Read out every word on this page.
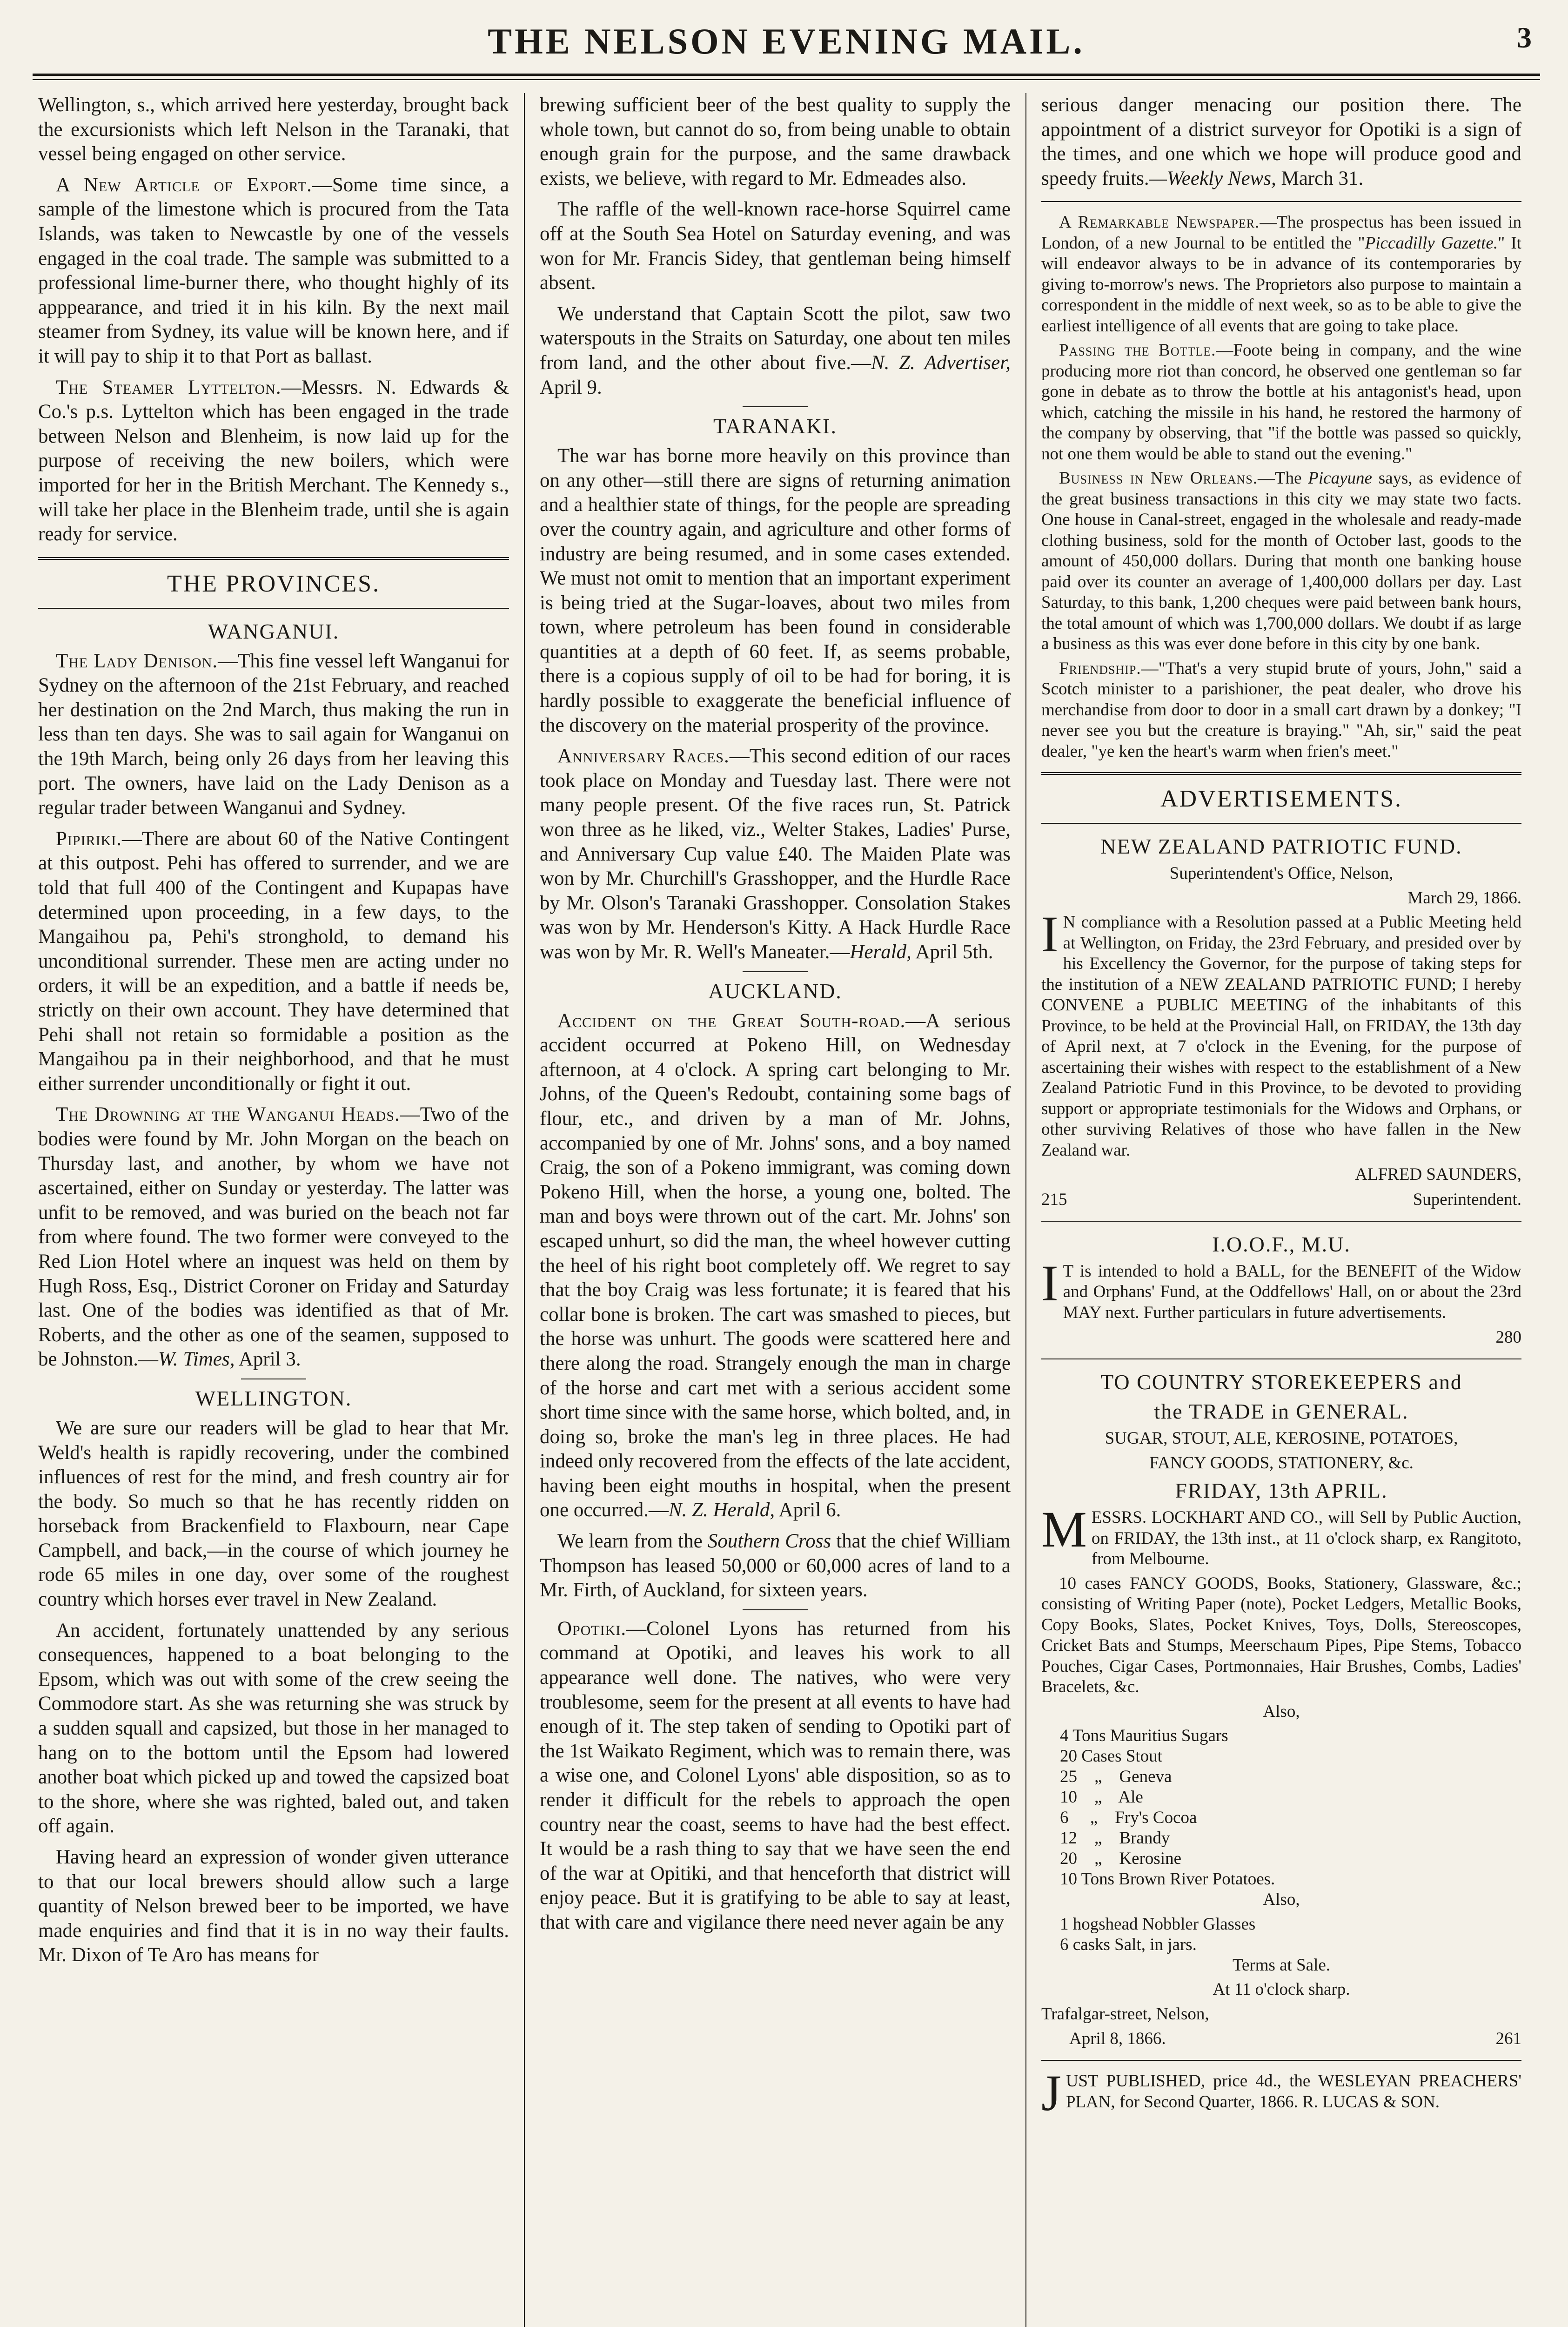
THE NELSON EVENING MAIL.	3

Wellington, s., which arrived here yesterday, brought back the excursionists which left Nelson in the Taranaki, that vessel being engaged on other service.

A New Article of Export.—Some time since, a sample of the limestone which is procured from the Tata Islands, was taken to Newcastle by one of the vessels engaged in the coal trade. The sample was submitted to a professional lime-burner there, who thought highly of its apppearance, and tried it in his kiln. By the next mail steamer from Sydney, its value will be known here, and if it will pay to ship it to that Port as ballast.

The Steamer Lyttelton.—Messrs. N. Edwards & Co.'s p.s. Lyttelton which has been engaged in the trade between Nelson and Blenheim, is now laid up for the purpose of receiving the new boilers, which were imported for her in the British Merchant. The Kennedy s., will take her place in the Blenheim trade, until she is again ready for service.

THE PROVINCES.
WANGANUI.

The Lady Denison.—This fine vessel left Wanganui for Sydney on the afternoon of the 21st February, and reached her destination on the 2nd March, thus making the run in less than ten days. She was to sail again for Wanganui on the 19th March, being only 26 days from her leaving this port. The owners, have laid on the Lady Denison as a regular trader between Wanganui and Sydney.

Pipiriki.—There are about 60 of the Native Contingent at this outpost. Pehi has offered to surrender, and we are told that full 400 of the Contingent and Kupapas have determined upon proceeding, in a few days, to the Mangaihou pa, Pehi's stronghold, to demand his unconditional surrender. These men are acting under no orders, it will be an expedition, and a battle if needs be, strictly on their own account. They have determined that Pehi shall not retain so formidable a position as the Mangaihou pa in their neighborhood, and that he must either surrender unconditionally or fight it out.

The Drowning at the Wanganui Heads.—Two of the bodies were found by Mr. John Morgan on the beach on Thursday last, and another, by whom we have not ascertained, either on Sunday or yesterday. The latter was unfit to be removed, and was buried on the beach not far from where found. The two former were conveyed to the Red Lion Hotel where an inquest was held on them by Hugh Ross, Esq., District Coroner on Friday and Saturday last. One of the bodies was identified as that of Mr. Roberts, and the other as one of the seamen, supposed to be Johnston.—W. Times, April 3.

WELLINGTON.

We are sure our readers will be glad to hear that Mr. Weld's health is rapidly recovering, under the combined influences of rest for the mind, and fresh country air for the body. So much so that he has recently ridden on horseback from Brackenfield to Flaxbourn, near Cape Campbell, and back,—in the course of which journey he rode 65 miles in one day, over some of the roughest country which horses ever travel in New Zealand.

An accident, fortunately unattended by any serious consequences, happened to a boat belonging to the Epsom, which was out with some of the crew seeing the Commodore start. As she was returning she was struck by a sudden squall and capsized, but those in her managed to hang on to the bottom until the Epsom had lowered another boat which picked up and towed the capsized boat to the shore, where she was righted, baled out, and taken off again.

Having heard an expression of wonder given utterance to that our local brewers should allow such a large quantity of Nelson brewed beer to be imported, we have made enquiries and find that it is in no way their faults. Mr. Dixon of Te Aro has means for

brewing sufficient beer of the best quality to supply the whole town, but cannot do so, from being unable to obtain enough grain for the purpose, and the same drawback exists, we believe, with regard to Mr. Edmeades also.

The raffle of the well-known race-horse Squirrel came off at the South Sea Hotel on Saturday evening, and was won for Mr. Francis Sidey, that gentleman being himself absent.

We understand that Captain Scott the pilot, saw two waterspouts in the Straits on Saturday, one about ten miles from land, and the other about five.—N. Z. Advertiser, April 9.

TARANAKI.

The war has borne more heavily on this province than on any other—still there are signs of returning animation and a healthier state of things, for the people are spreading over the country again, and agriculture and other forms of industry are being resumed, and in some cases extended. We must not omit to mention that an important experiment is being tried at the Sugar-loaves, about two miles from town, where petroleum has been found in considerable quantities at a depth of 60 feet. If, as seems probable, there is a copious supply of oil to be had for boring, it is hardly possible to exaggerate the beneficial influence of the discovery on the material prosperity of the province.

Anniversary Races.—This second edition of our races took place on Monday and Tuesday last. There were not many people present. Of the five races run, St. Patrick won three as he liked, viz., Welter Stakes, Ladies' Purse, and Anniversary Cup value £40. The Maiden Plate was won by Mr. Churchill's Grasshopper, and the Hurdle Race by Mr. Olson's Taranaki Grasshopper. Consolation Stakes was won by Mr. Henderson's Kitty. A Hack Hurdle Race was won by Mr. R. Well's Maneater.—Herald, April 5th.

AUCKLAND.

Accident on the Great South-road.—A serious accident occurred at Pokeno Hill, on Wednesday afternoon, at 4 o'clock. A spring cart belonging to Mr. Johns, of the Queen's Redoubt, containing some bags of flour, etc., and driven by a man of Mr. Johns, accompanied by one of Mr. Johns' sons, and a boy named Craig, the son of a Pokeno immigrant, was coming down Pokeno Hill, when the horse, a young one, bolted. The man and boys were thrown out of the cart. Mr. Johns' son escaped unhurt, so did the man, the wheel however cutting the heel of his right boot completely off. We regret to say that the boy Craig was less fortunate; it is feared that his collar bone is broken. The cart was smashed to pieces, but the horse was unhurt. The goods were scattered here and there along the road. Strangely enough the man in charge of the horse and cart met with a serious accident some short time since with the same horse, which bolted, and, in doing so, broke the man's leg in three places. He had indeed only recovered from the effects of the late accident, having been eight mouths in hospital, when the present one occurred.—N. Z. Herald, April 6.

We learn from the Southern Cross that the chief William Thompson has leased 50,000 or 60,000 acres of land to a Mr. Firth, of Auckland, for sixteen years.

Opotiki.—Colonel Lyons has returned from his command at Opotiki, and leaves his work to all appearance well done. The natives, who were very troublesome, seem for the present at all events to have had enough of it. The step taken of sending to Opotiki part of the 1st Waikato Regiment, which was to remain there, was a wise one, and Colonel Lyons' able disposition, so as to render it difficult for the rebels to approach the open country near the coast, seems to have had the best effect. It would be a rash thing to say that we have seen the end of the war at Opitiki, and that henceforth that district will enjoy peace. But it is gratifying to be able to say at least, that with care and vigilance there need never again be any

serious danger menacing our position there. The appointment of a district surveyor for Opotiki is a sign of the times, and one which we hope will produce good and speedy fruits.—Weekly News, March 31.

A Remarkable Newspaper.—The prospectus has been issued in London, of a new Journal to be entitled the "Piccadilly Gazette." It will endeavor always to be in advance of its contemporaries by giving to-morrow's news. The Proprietors also purpose to maintain a correspondent in the middle of next week, so as to be able to give the earliest intelligence of all events that are going to take place.

Passing the Bottle.—Foote being in company, and the wine producing more riot than concord, he observed one gentleman so far gone in debate as to throw the bottle at his antagonist's head, upon which, catching the missile in his hand, he restored the harmony of the company by observing, that "if the bottle was passed so quickly, not one them would be able to stand out the evening."

Business in New Orleans.—The Picayune says, as evidence of the great business transactions in this city we may state two facts. One house in Canal-street, engaged in the wholesale and ready-made clothing business, sold for the month of October last, goods to the amount of 450,000 dollars. During that month one banking house paid over its counter an average of 1,400,000 dollars per day. Last Saturday, to this bank, 1,200 cheques were paid between bank hours, the total amount of which was 1,700,000 dollars. We doubt if as large a business as this was ever done before in this city by one bank.

Friendship.—"That's a very stupid brute of yours, John," said a Scotch minister to a parishioner, the peat dealer, who drove his merchandise from door to door in a small cart drawn by a donkey; "I never see you but the creature is braying." "Ah, sir," said the peat dealer, "ye ken the heart's warm when frien's meet."

ADVERTISEMENTS.
NEW ZEALAND PATRIOTIC FUND.

Superintendent's Office, Nelson,

March 29, 1866.

IN compliance with a Resolution passed at a Public Meeting held at Wellington, on Friday, the 23rd February, and presided over by his Excellency the Governor, for the purpose of taking steps for the institution of a NEW ZEALAND PATRIOTIC FUND; I hereby CONVENE a PUBLIC MEETING of the inhabitants of this Province, to be held at the Provincial Hall, on FRIDAY, the 13th day of April next, at 7 o'clock in the Evening, for the purpose of ascertaining their wishes with respect to the establishment of a New Zealand Patriotic Fund in this Province, to be devoted to providing support or appropriate testimonials for the Widows and Orphans, or other surviving Relatives of those who have fallen in the New Zealand war.

ALFRED SAUNDERS,

215	Superintendent.
I.O.O.F., M.U.

IT is intended to hold a BALL, for the BENEFIT of the Widow and Orphans' Fund, at the Oddfellows' Hall, on or about the 23rd MAY next. Further particulars in future advertisements.

280
TO COUNTRY STOREKEEPERS and
the TRADE in GENERAL.

SUGAR, STOUT, ALE, KEROSINE, POTATOES,

FANCY GOODS, STATIONERY, &c.

FRIDAY, 13th APRIL.

MESSRS. LOCKHART AND CO., will Sell by Public Auction, on FRIDAY, the 13th inst., at 11 o'clock sharp, ex Rangitoto, from Melbourne.

10 cases FANCY GOODS, Books, Stationery, Glassware, &c.; consisting of Writing Paper (note), Pocket Ledgers, Metallic Books, Copy Books, Slates, Pocket Knives, Toys, Dolls, Stereoscopes, Cricket Bats and Stumps, Meerschaum Pipes, Pipe Stems, Tobacco Pouches, Cigar Cases, Portmonnaies, Hair Brushes, Combs, Ladies' Bracelets, &c.

Also,

4 Tons Mauritius Sugars
20 Cases Stout
25    „    Geneva
10    „    Ale
6     „    Fry's Cocoa
12    „    Brandy
20    „    Kerosine
10 Tons Brown River Potatoes.

Also,

1 hogshead Nobbler Glasses
6 casks Salt, in jars.

Terms at Sale.

At 11 o'clock sharp.

Trafalgar-street, Nelson,

April 8, 1866.	261

JUST PUBLISHED, price 4d., the WESLEYAN PREACHERS' PLAN, for Second Quarter, 1866. R. LUCAS & SON.
